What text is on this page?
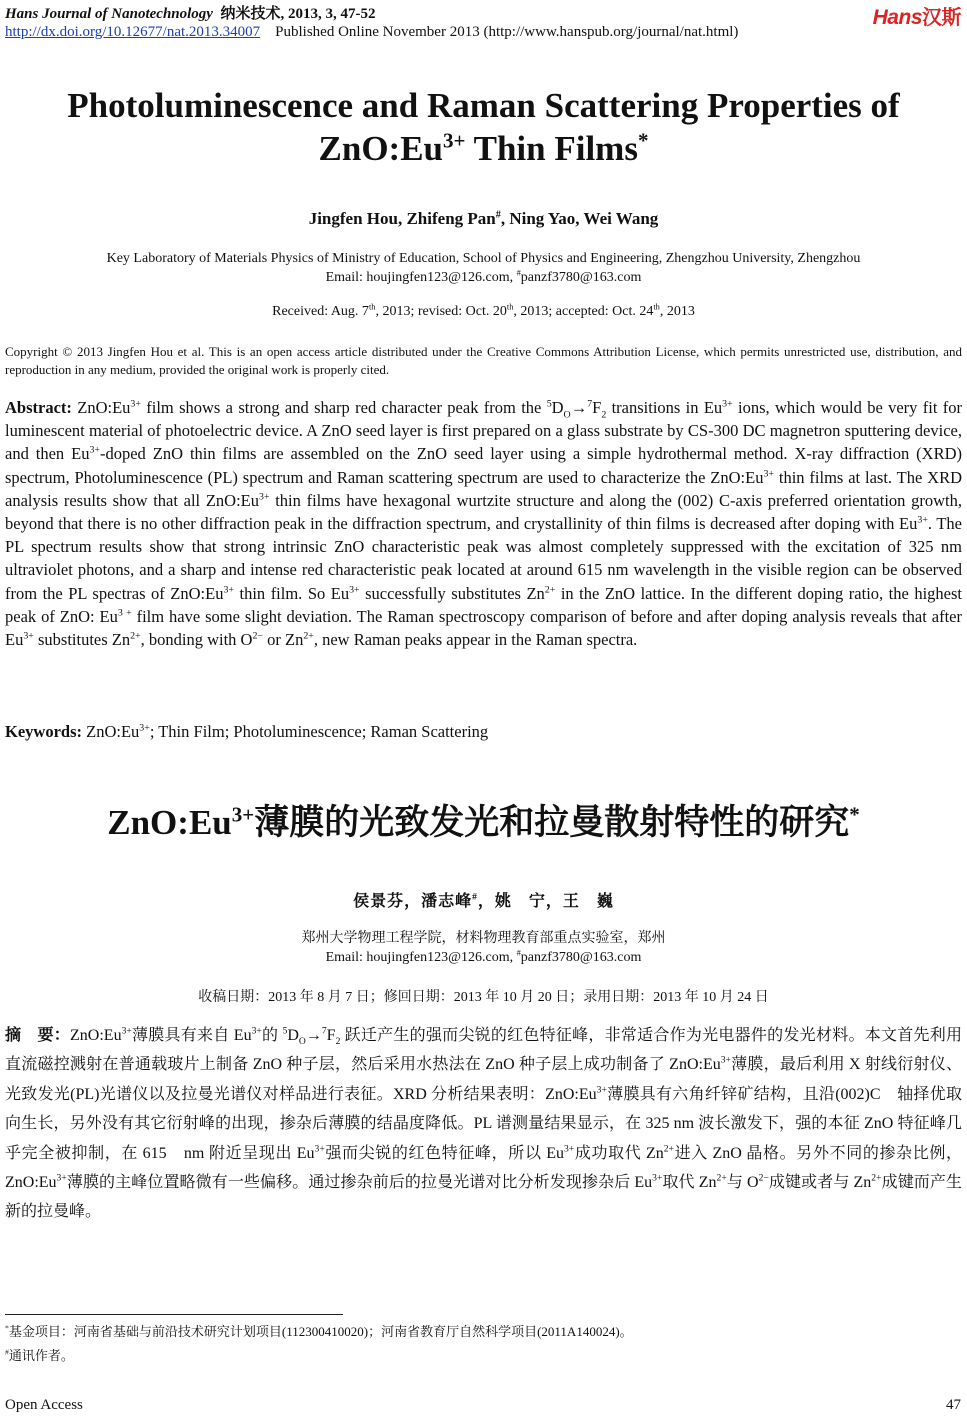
Hans Journal of Nanotechnology 纳米技术, 2013, 3, 47-52
http://dx.doi.org/10.12677/nat.2013.34007 Published Online November 2013 (http://www.hanspub.org/journal/nat.html)
Hans汉斯
Photoluminescence and Raman Scattering Properties of
$ZnO:Eu^{3+}$ Thin Films*
Jingfen Hou, Zhifeng Pan#, Ning Yao, Wei Wang
Key Laboratory of Materials Physics of Ministry of Education, School of Physics and Engineering, Zhengzhou University, Zhengzhou
Email: houjingfen123@126.com, #panzf3780@163.com
Received: Aug. 7th, 2013; revised: Oct. 20th, 2013; accepted: Oct. 24th, 2013
Copyright © 2013 Jingfen Hou et al. This is an open access article distributed under the Creative Commons Attribution License, which permits unrestricted use, distribution, and reproduction in any medium, provided the original work is properly cited.
Abstract: $ZnO:Eu^{3+}$ film shows a strong and sharp red character peak from the $^5D_O\to^7F_2$ transitions in $Eu^{3+}$ ions, which would be very fit for luminescent material of photoelectric device. A ZnO seed layer is first prepared on a glass substrate by CS-300 DC magnetron sputtering device, and then $Eu^{3+}$-doped ZnO thin films are assembled on the ZnO seed layer using a simple hydrothermal method. X-ray diffraction (XRD) spectrum, Photoluminescence (PL) spectrum and Raman scattering spectrum are used to characterize the $ZnO:Eu^{3+}$ thin films at last. The XRD analysis results show that all $ZnO:Eu^{3+}$ thin films have hexagonal wurtzite structure and along the (002) C-axis preferred orientation growth, beyond that there is no other diffraction peak in the diffraction spectrum, and crystallinity of thin films is decreased after doping with $Eu^{3+}$. The PL spectrum results show that strong intrinsic ZnO characteristic peak was almost completely suppressed with the excitation of 325 nm ultraviolet photons, and a sharp and intense red characteristic peak located at around 615 nm wavelength in the visible region can be observed from the PL spectras of $ZnO:Eu^{3+}$ thin film. So $Eu^{3+}$ successfully substitutes $Zn^{2+}$ in the ZnO lattice. In the different doping ratio, the highest peak of ZnO: $Eu^{3 +}$ film have some slight deviation. The Raman spectroscopy comparison of before and after doping analysis reveals that after $Eu^{3+}$ substitutes $Zn^{2+}$, bonding with $O^{2-}$ or $Zn^{2+}$, new Raman peaks appear in the Raman spectra.
Keywords: $ZnO:Eu^{3+}$; Thin Film; Photoluminescence; Raman Scattering
$ZnO:Eu^{3+}$薄膜的光致发光和拉曼散射特性的研究*
侯景芬，潘志峰#，姚　宁，王　巍
郑州大学物理工程学院，材料物理教育部重点实验室，郑州
Email: houjingfen123@126.com, #panzf3780@163.com
收稿日期：2013 年 8 月 7 日；修回日期：2013 年 10 月 20 日；录用日期：2013 年 10 月 24 日
摘　要：$ZnO:Eu^{3+}$薄膜具有来自 $Eu^{3+}$的 $^5D_O\to^7F_2$ 跃迁产生的强而尖锐的红色特征峰，非常适合作为光电器件的发光材料。本文首先利用直流磁控溅射在普通载玻片上制备 ZnO 种子层，然后采用水热法在 ZnO 种子层上成功制备了 $ZnO:Eu^{3+}$薄膜，最后利用 X 射线衍射仪、光致发光(PL)光谱仪以及拉曼光谱仪对样品进行表征。XRD 分析结果表明：$ZnO:Eu^{3+}$薄膜具有六角纤锌矿结构，且沿(002)C　轴择优取向生长，另外没有其它衍射峰的出现，掺杂后薄膜的结晶度降低。PL 谱测量结果显示，在 325 nm 波长激发下，强的本征 ZnO 特征峰几乎完全被抑制，在 615　nm 附近呈现出 $Eu^{3+}$强而尖锐的红色特征峰，所以 $Eu^{3+}$成功取代 $Zn^{2+}$进入 ZnO 晶格。另外不同的掺杂比例，$ZnO:Eu^{3+}$薄膜的主峰位置略微有一些偏移。通过掺杂前后的拉曼光谱对比分析发现掺杂后 $Eu^{3+}$取代 $Zn^{2+}$与 $O^{2-}$成键或者与 $Zn^{2+}$成键而产生新的拉曼峰。
*基金项目：河南省基础与前沿技术研究计划项目(112300410020)；河南省教育厅自然科学项目(2011A140024)。
#通讯作者。
Open Access	47
